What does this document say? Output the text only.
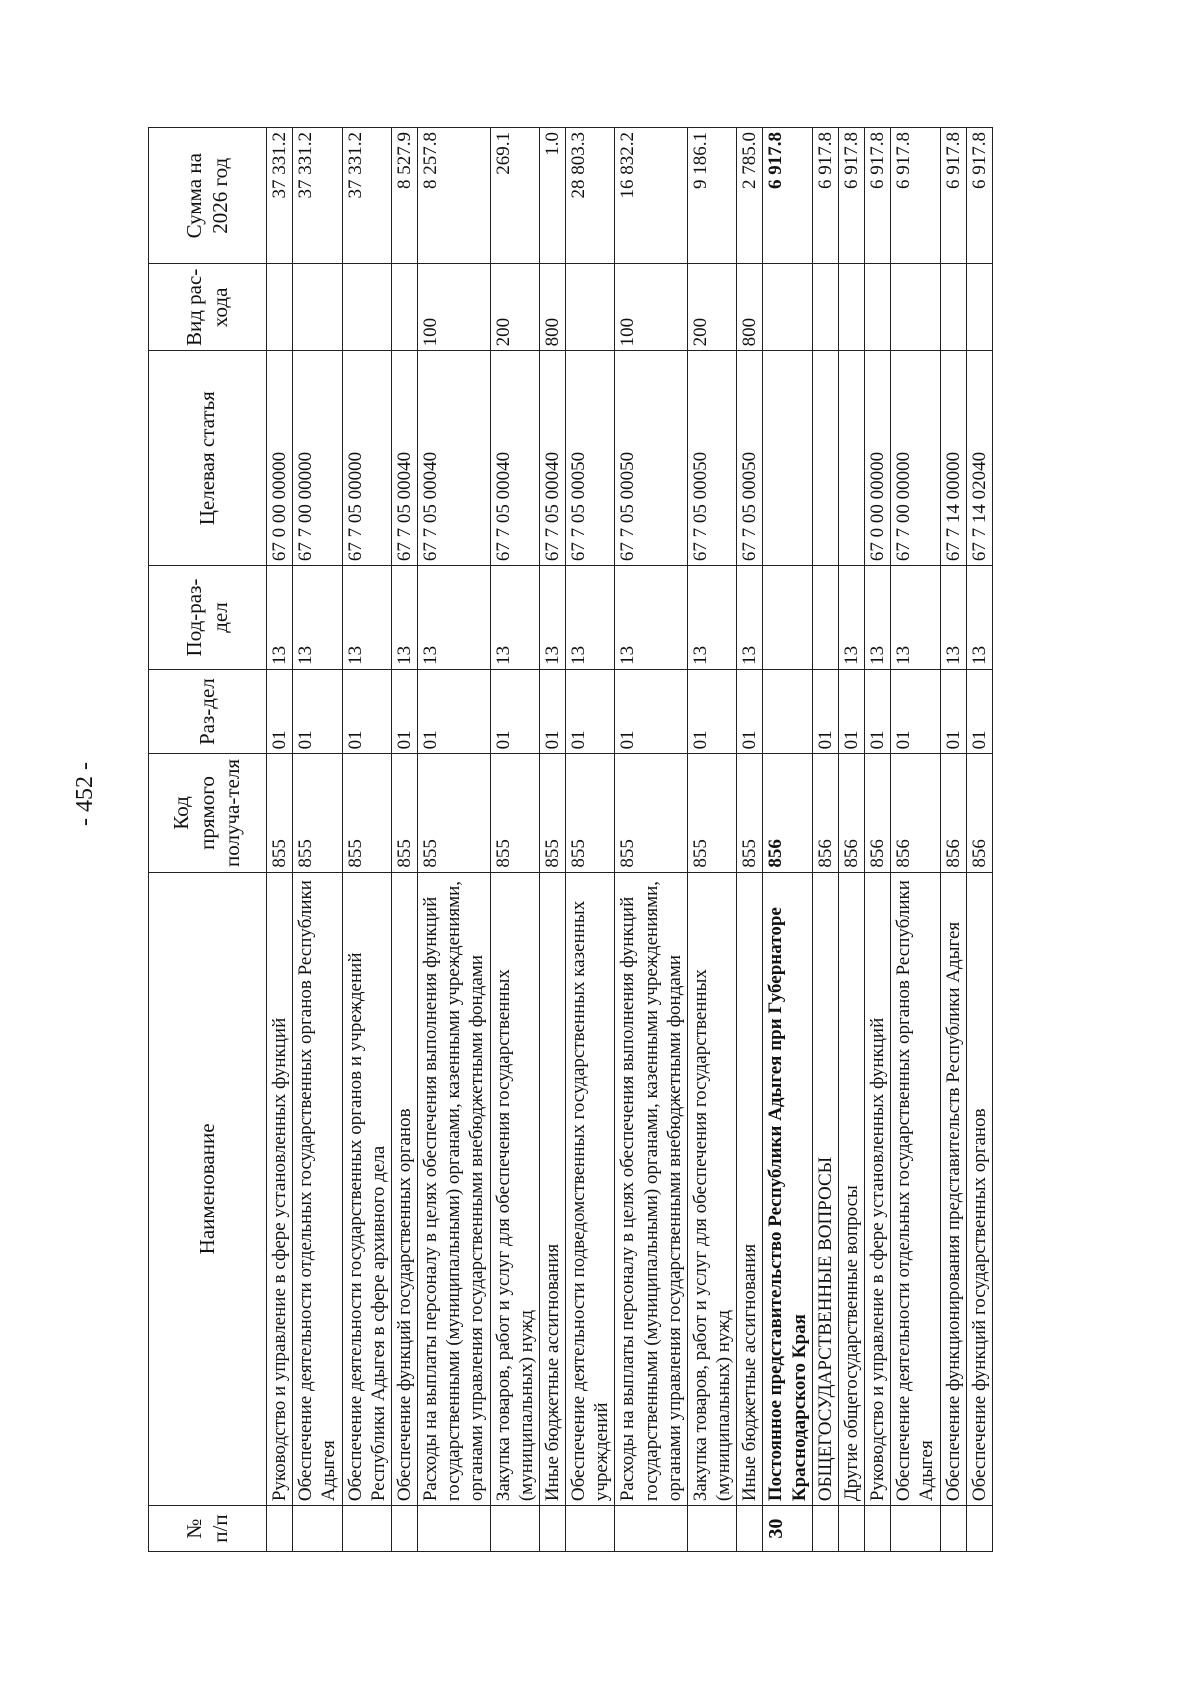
- 452 -
№ п/п	Наименование	Код прямого получа-теля	Раз-дел	Под-раз-дел	Целевая статья	Вид рас-хода	Сумма на 2026 год
	Руководство и управление в сфере установленных функций	855	01	13	67 0 00 00000		37 331.2
	Обеспечение деятельности отдельных государственных органов Республики Адыгея	855	01	13	67 7 00 00000		37 331.2
	Обеспечение деятельности государственных органов и учреждений Республики Адыгея в сфере архивного дела	855	01	13	67 7 05 00000		37 331.2
	Обеспечение функций государственных органов	855	01	13	67 7 05 00040		8 527.9
	Расходы на выплаты персоналу в целях обеспечения выполнения функций государственными (муниципальными) органами, казенными учреждениями, органами управления государственными внебюджетными фондами	855	01	13	67 7 05 00040	100	8 257.8
	Закупка товаров, работ и услуг для обеспечения государственных (муниципальных) нужд	855	01	13	67 7 05 00040	200	269.1
	Иные бюджетные ассигнования	855	01	13	67 7 05 00040	800	1.0
	Обеспечение деятельности подведомственных государственных казенных учреждений	855	01	13	67 7 05 00050		28 803.3
	Расходы на выплаты персоналу в целях обеспечения выполнения функций государственными (муниципальными) органами, казенными учреждениями, органами управления государственными внебюджетными фондами	855	01	13	67 7 05 00050	100	16 832.2
	Закупка товаров, работ и услуг для обеспечения государственных (муниципальных) нужд	855	01	13	67 7 05 00050	200	9 186.1
	Иные бюджетные ассигнования	855	01	13	67 7 05 00050	800	2 785.0
30	Постоянное представительство Республики Адыгея при Губернаторе Краснодарского Края	856					6 917.8
	ОБЩЕГОСУДАРСТВЕННЫЕ ВОПРОСЫ	856	01				6 917.8
	Другие общегосударственные вопросы	856	01	13			6 917.8
	Руководство и управление в сфере установленных функций	856	01	13	67 0 00 00000		6 917.8
	Обеспечение деятельности отдельных государственных органов Республики Адыгея	856	01	13	67 7 00 00000		6 917.8
	Обеспечение функционирования представительств Республики Адыгея	856	01	13	67 7 14 00000		6 917.8
	Обеспечение функций государственных органов	856	01	13	67 7 14 02040		6 917.8
